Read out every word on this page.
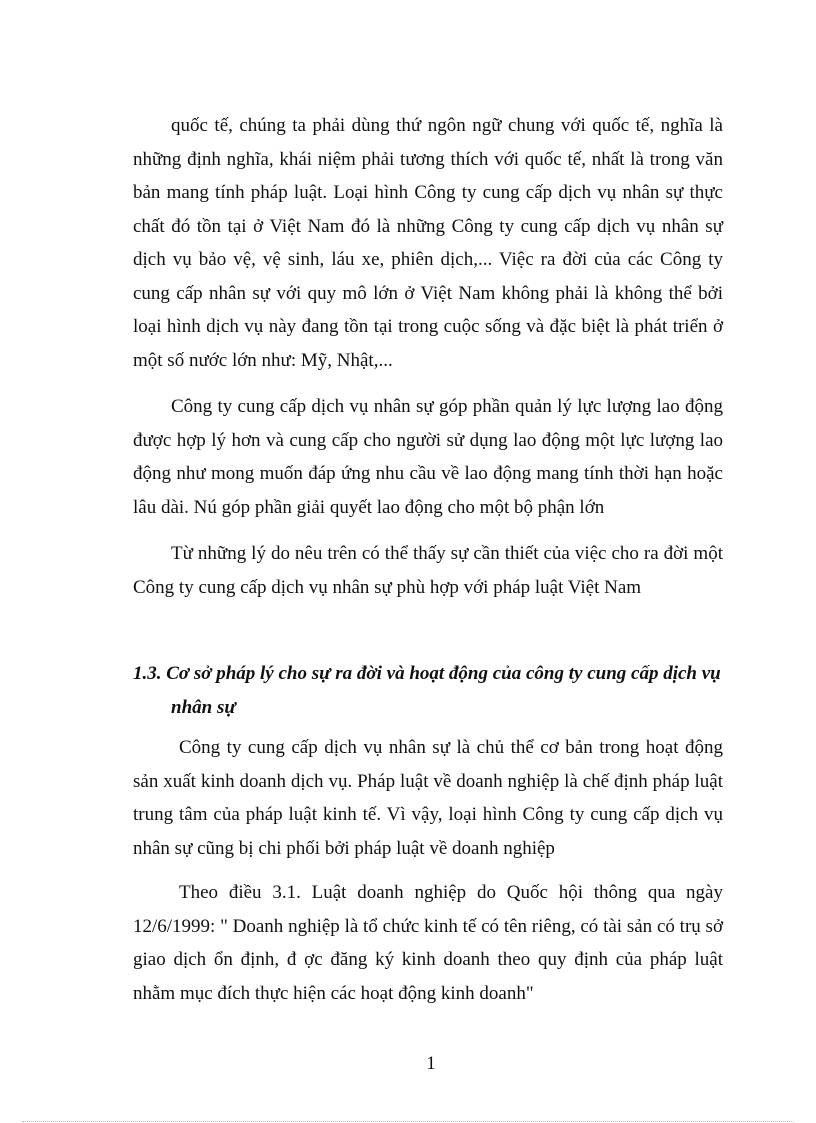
quốc tế, chúng ta phải dùng thứ ngôn ngữ chung với quốc tế, nghĩa là những định nghĩa, khái niệm phải tương thích với quốc tế, nhất là trong văn bản mang tính pháp luật. Loại hình Công ty cung cấp dịch vụ nhân sự thực chất đó tồn tại ở Việt Nam đó là những Công ty cung cấp dịch vụ nhân sự dịch vụ bảo vệ, vệ sinh, láu xe, phiên dịch,... Việc ra đời của các Công ty cung cấp nhân sự với quy mô lớn ở Việt Nam không phải là không thể bởi loại hình dịch vụ này đang tồn tại trong cuộc sống và đặc biệt là phát triển ở một số nước lớn như: Mỹ, Nhật,...

Công ty cung cấp dịch vụ nhân sự góp phần quản lý lực lượng lao động được hợp lý hơn và cung cấp cho người sử dụng lao động một lực lượng lao động như mong muốn đáp ứng nhu cầu về lao động mang tính thời hạn hoặc lâu dài. Nú góp phần giải quyết lao động cho một bộ phận lớn

Từ những lý do nêu trên có thể thấy sự cần thiết của việc cho ra đời một Công ty cung cấp dịch vụ nhân sự phù hợp với pháp luật Việt Nam

1.3. Cơ sở pháp lý cho sự ra đời và hoạt động của công ty cung cấp dịch vụ
nhân sự

Công ty cung cấp dịch vụ nhân sự là chủ thể cơ bản trong hoạt động sản xuất kinh doanh dịch vụ. Pháp luật về doanh nghiệp là chế định pháp luật trung tâm của pháp luật kinh tế. Vì vậy, loại hình Công ty cung cấp dịch vụ nhân sự cũng bị chi phối bởi pháp luật về doanh nghiệp

Theo điều 3.1. Luật doanh nghiệp do Quốc hội thông qua ngày 12/6/1999: " Doanh nghiệp là tổ chức kinh tế có tên riêng, có tài sản có trụ sở giao dịch ổn định, đ ợc đăng ký kinh doanh theo quy định của pháp luật nhằm mục đích thực hiện các hoạt động kinh doanh"

1
